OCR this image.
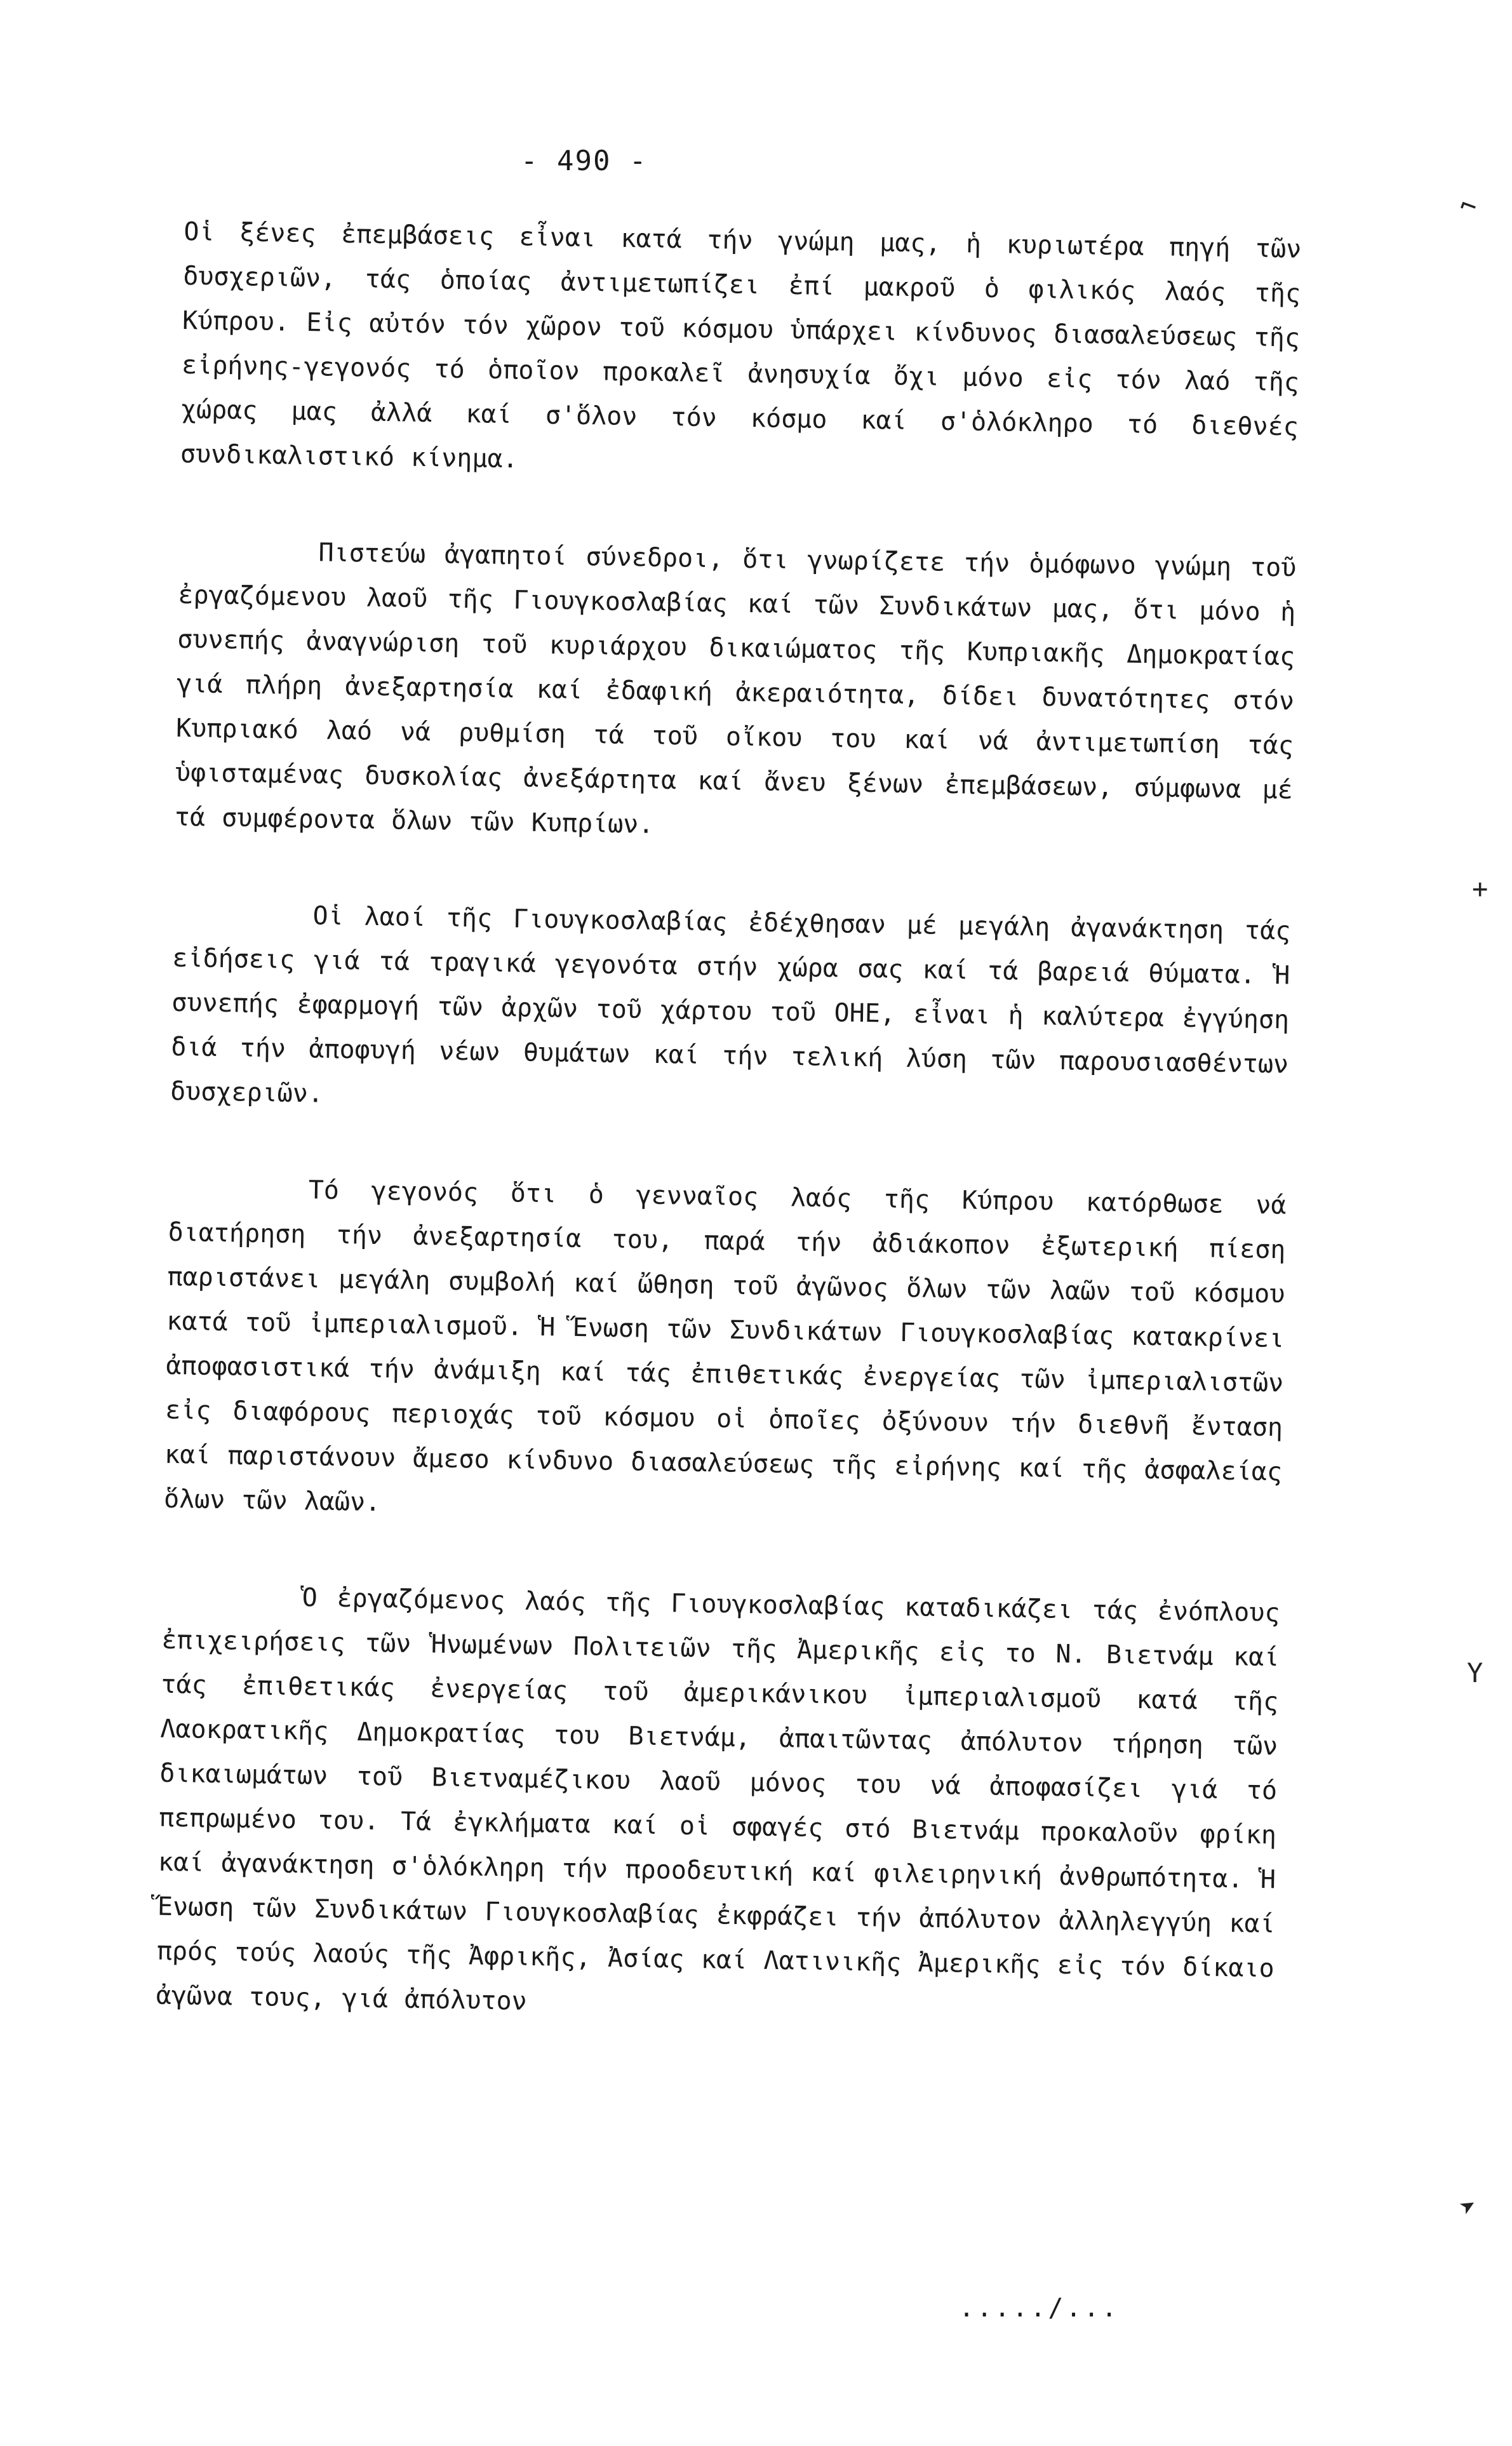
- 490 -

Οἱ ξένες ἐπεμβάσεις εἶναι κατά τήν γνώμη μας, ἡ κυριωτέρα πηγή τῶν δυσχεριῶν, τάς ὁποίας ἀντιμετωπίζει ἐπί μακροῦ ὁ φιλικός λαός τῆς Κύπρου. Εἰς αὐτόν τόν χῶρον τοῦ κόσμου ὑπάρχει κίνδυνος διασαλεύσεως τῆς εἰρήνης-γεγονός τό ὁποῖον προκαλεῖ ἀνησυχία ὄχι μόνο εἰς τόν λαό τῆς χώρας μας ἀλλά καί σ'ὅλον τόν κόσμο καί σ'ὁλόκληρο τό διεθνές συνδικαλιστικό κίνημα.

Πιστεύω ἀγαπητοί σύνεδροι, ὅτι γνωρίζετε τήν ὁμόφωνο γνώμη τοῦ ἐργαζόμενου λαοῦ τῆς Γιουγκοσλαβίας καί τῶν Συνδικάτων μας, ὅτι μόνο ἡ συνεπής ἀναγνώριση τοῦ κυριάρχου δικαιώματος τῆς Κυπριακῆς Δημοκρατίας γιά πλήρη ἀνεξαρτησία καί ἐδαφική ἀκεραιότητα, δίδει δυνατότητες στόν Κυπριακό λαό νά ρυθμίση τά τοῦ οἴκου του καί νά ἀντιμετωπίση τάς ὑφισταμένας δυσκολίας ἀνεξάρτητα καί ἄνευ ξένων ἐπεμβάσεων, σύμφωνα μέ τά συμφέροντα ὅλων τῶν Κυπρίων.

Οἱ λαοί τῆς Γιουγκοσλαβίας ἐδέχθησαν μέ μεγάλη ἀγανάκτηση τάς εἰδήσεις γιά τά τραγικά γεγονότα στήν χώρα σας καί τά βαρειά θύματα. Ἡ συνεπής ἐφαρμογή τῶν ἀρχῶν τοῦ χάρτου τοῦ ΟΗΕ, εἶναι ἡ καλύτερα ἐγγύηση διά τήν ἀποφυγή νέων θυμάτων καί τήν τελική λύση τῶν παρουσιασθέντων δυσχεριῶν.

Τό γεγονός ὅτι ὁ γενναῖος λαός τῆς Κύπρου κατόρθωσε νά διατήρηση τήν ἀνεξαρτησία του, παρά τήν ἀδιάκοπον ἐξωτερική πίεση παριστάνει μεγάλη συμβολή καί ὤθηση τοῦ ἀγῶνος ὅλων τῶν λαῶν τοῦ κόσμου κατά τοῦ ἰμπεριαλισμοῦ. Ἡ Ἕνωση τῶν Συνδικάτων Γιουγκοσλαβίας κατακρίνει ἀποφασιστικά τήν ἀνάμιξη καί τάς ἐπιθετικάς ἐνεργείας τῶν ἰμπεριαλιστῶν εἰς διαφόρους περιοχάς τοῦ κόσμου οἱ ὁποῖες ὀξύνουν τήν διεθνῆ ἔνταση καί παριστάνουν ἄμεσο κίνδυνο διασαλεύσεως τῆς εἰρήνης καί τῆς ἀσφαλείας ὅλων τῶν λαῶν.

Ὁ ἐργαζόμενος λαός τῆς Γιουγκοσλαβίας καταδικάζει τάς ἐνόπλους ἐπιχειρήσεις τῶν Ἡνωμένων Πολιτειῶν τῆς Ἀμερικῆς εἰς το Ν. Βιετνάμ καί τάς ἐπιθετικάς ἐνεργείας τοῦ ἀμερικάνικου ἰμπεριαλισμοῦ κατά τῆς Λαοκρατικῆς Δημοκρατίας του Βιετνάμ, ἀπαιτῶντας ἀπόλυτον τήρηση τῶν δικαιωμάτων τοῦ Βιετναμέζικου λαοῦ μόνος του νά ἀποφασίζει γιά τό πεπρωμένο του. Τά ἐγκλήματα καί οἱ σφαγές στό Βιετνάμ προκαλοῦν φρίκη καί ἀγανάκτηση σ'ὁλόκληρη τήν προοδευτική καί φιλειρηνική ἀνθρωπότητα. Ἡ Ἕνωση τῶν Συνδικάτων Γιουγκοσλαβίας ἐκφράζει τήν ἀπόλυτον ἀλληλεγγύη καί πρός τούς λαούς τῆς Ἀφρικῆς, Ἀσίας καί Λατινικῆς Ἀμερικῆς εἰς τόν δίκαιο ἀγῶνα τους, γιά ἀπόλυτον

...../...
⌐
+
Y
➤
